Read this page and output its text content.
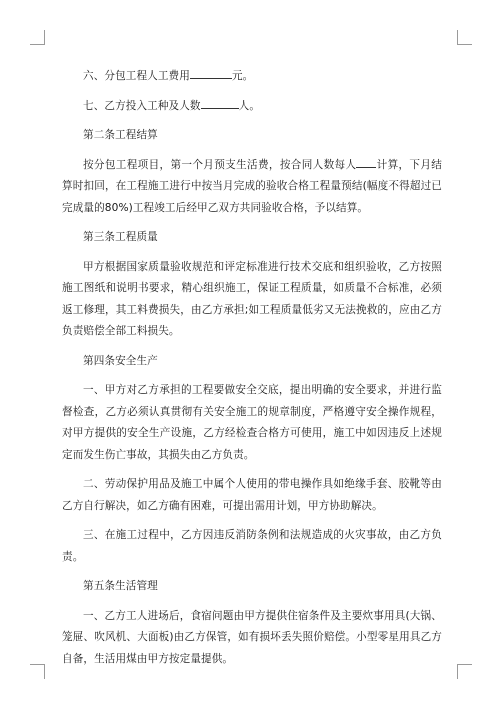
六、分包工程人工费用	元。

七、乙方投入工种及人数	人。

第二条工程结算

按分包工程项目，第一个月预支生活费，按合同人数每人 计算，下月结算时扣回，在工程施工进行中按当月完成的验收合格工程量预结(幅度不得超过已完成量的80%)工程竣工后经甲乙双方共同验收合格，予以结算。

第三条工程质量

甲方根据国家质量验收规范和评定标准进行技术交底和组织验收，乙方按照施工图纸和说明书要求，精心组织施工，保证工程质量，如质量不合标准，必须返工修理，其工料费损失，由乙方承担;如工程质量低劣又无法挽救的，应由乙方负责赔偿全部工料损失。

第四条安全生产

一、甲方对乙方承担的工程要做安全交底，提出明确的安全要求，并进行监督检查，乙方必须认真贯彻有关安全施工的规章制度，严格遵守安全操作规程，对甲方提供的安全生产设施，乙方经检查合格方可使用，施工中如因违反上述规定而发生伤亡事故，其损失由乙方负责。

二、劳动保护用品及施工中属个人使用的带电操作具如绝缘手套、胶靴等由乙方自行解决，如乙方确有困难，可提出需用计划，甲方协助解决。

三、在施工过程中，乙方因违反消防条例和法规造成的火灾事故，由乙方负责。

第五条生活管理

一、乙方工人进场后，食宿问题由甲方提供住宿条件及主要炊事用具(大锅、笼屉、吹风机、大面板)由乙方保管，如有损坏丢失照价赔偿。小型零星用具乙方自备，生活用煤由甲方按定量提供。
